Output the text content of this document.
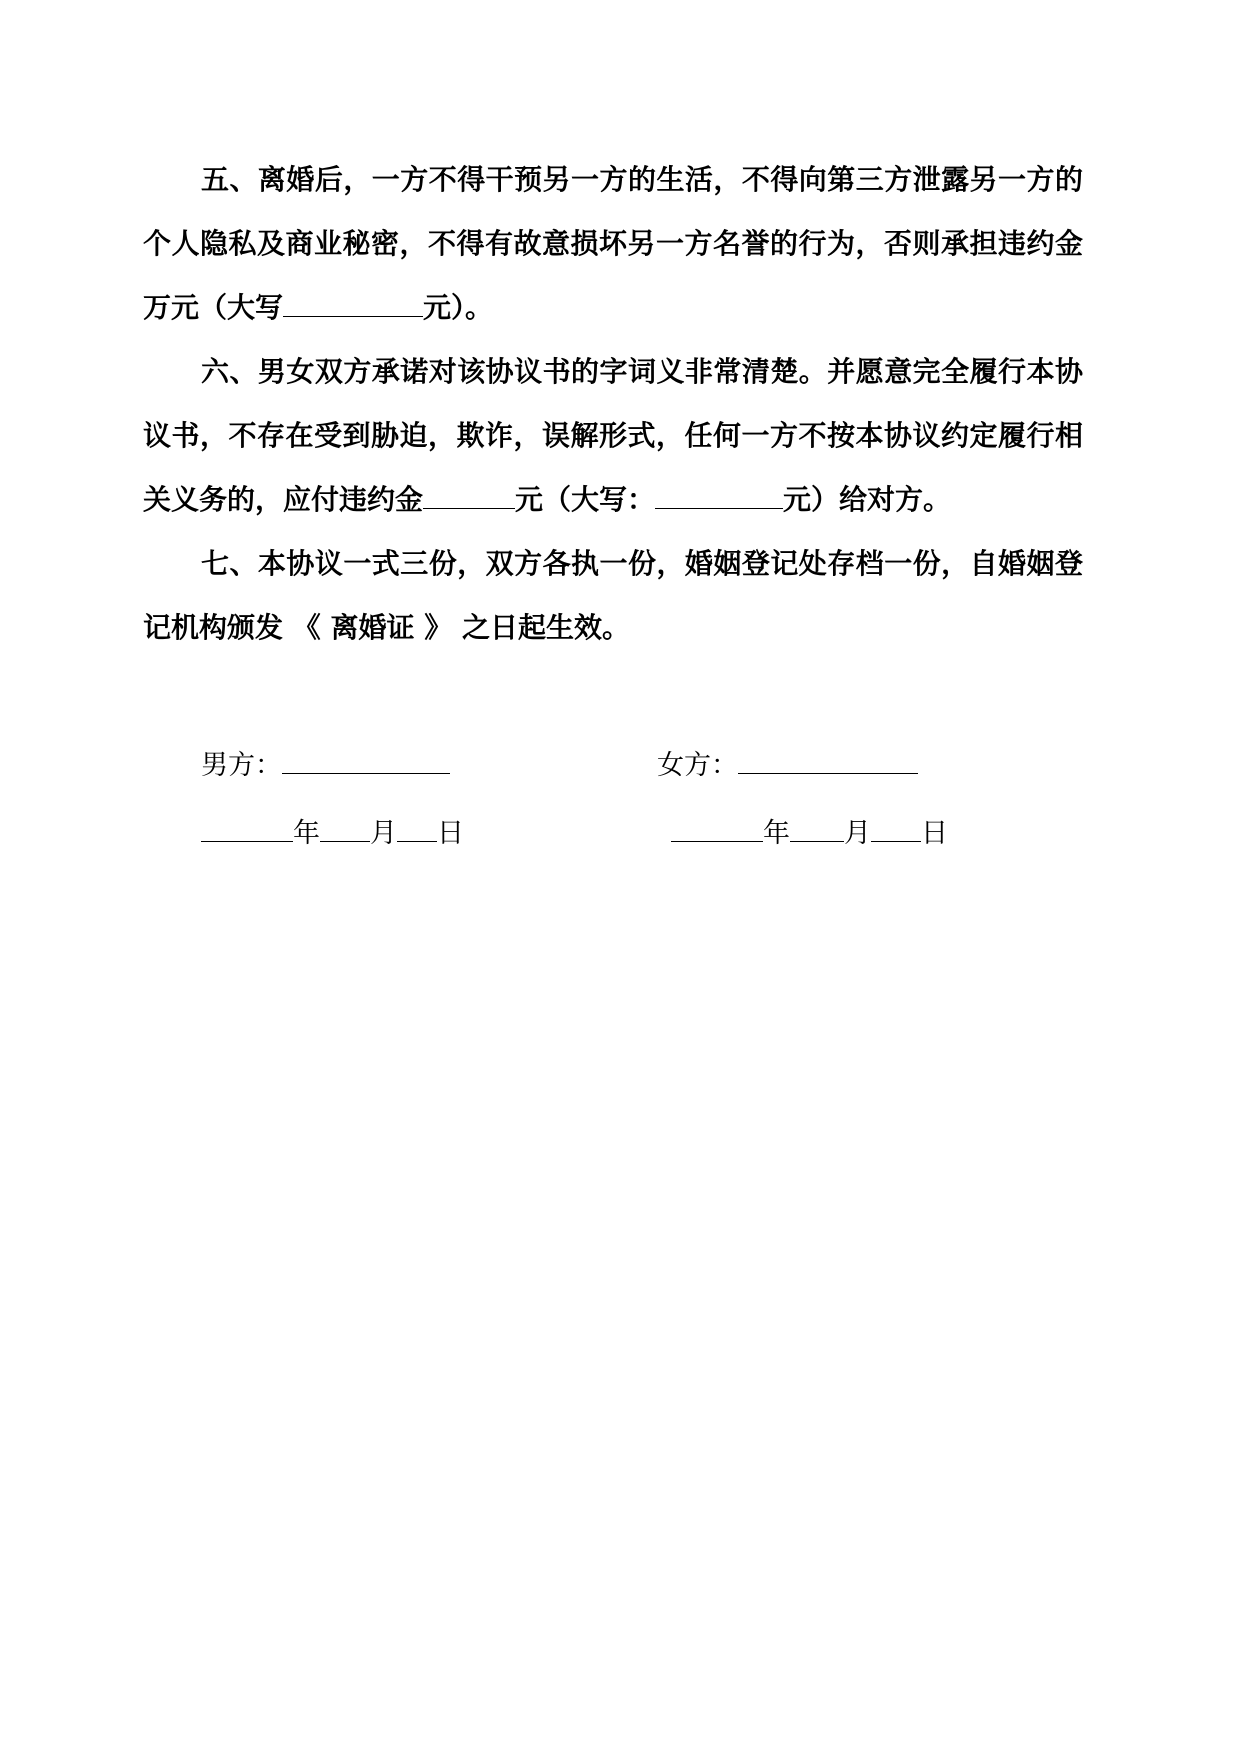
五、离婚后，一方不得干预另一方的生活，不得向第三方泄露另一方的个人隐私及商业秘密，不得有故意损坏另一方名誉的行为，否则承担违约金万元（大写	元）。

六、男女双方承诺对该协议书的字词义非常清楚。并愿意完全履行本协议书，不存在受到胁迫，欺诈，误解形式，任何一方不按本协议约定履行相关义务的，应付违约金	元（大写：	元）给对方。

七、本协议一式三份，双方各执一份，婚姻登记处存档一份，自婚姻登记机构颁发 《 离婚证 》 之日起生效。

男方：	女方：
年 月 日	年 月 日
